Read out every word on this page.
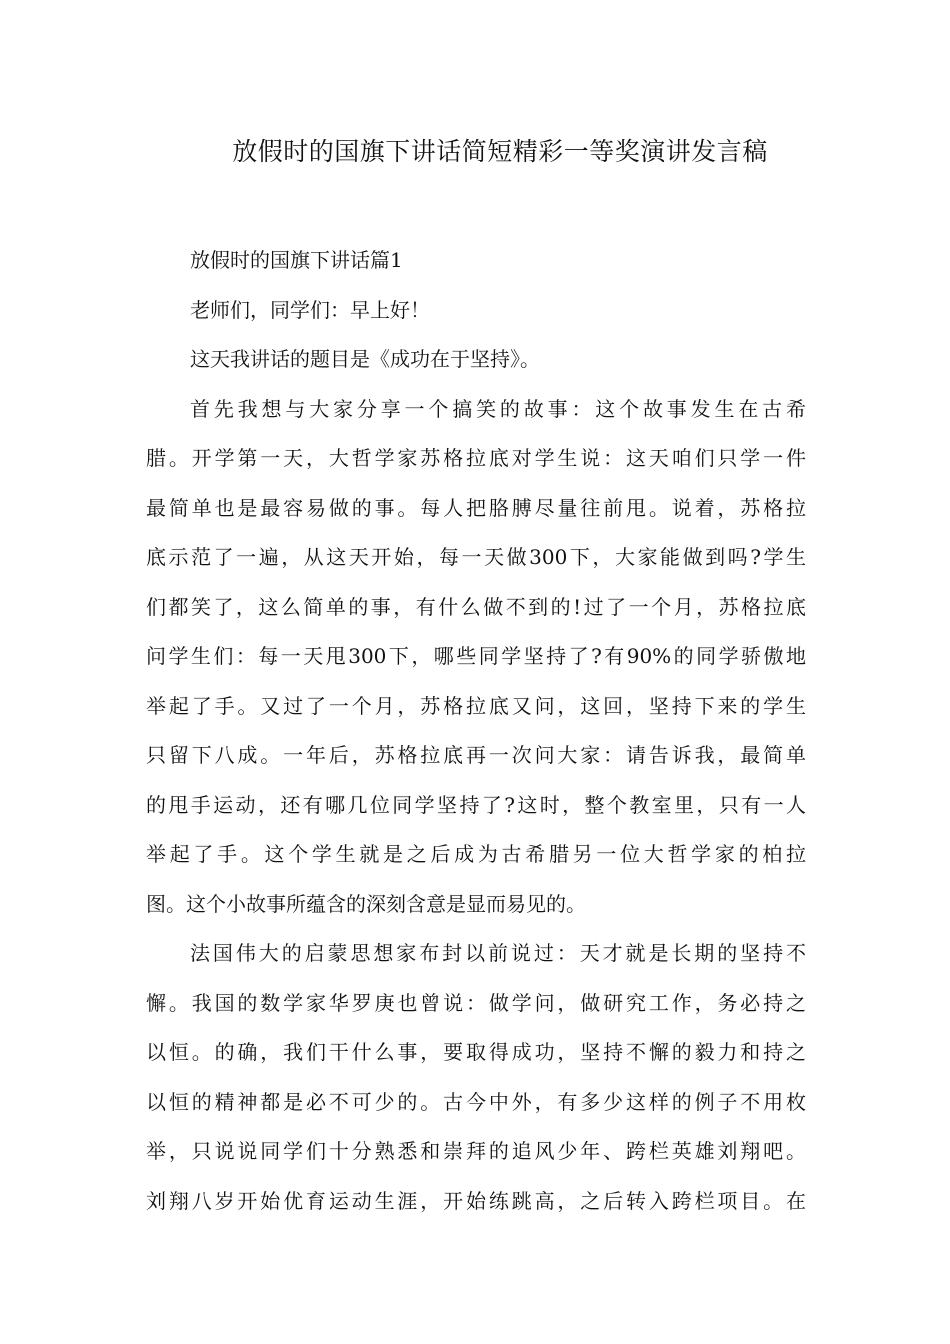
放假时的国旗下讲话简短精彩一等奖演讲发言稿
放假时的国旗下讲话篇1
老师们，同学们：早上好！
这天我讲话的题目是《成功在于坚持》。
首先我想与大家分享一个搞笑的故事：这个故事发生在古希
腊。开学第一天，大哲学家苏格拉底对学生说：这天咱们只学一件
最简单也是最容易做的事。每人把胳膊尽量往前甩。说着，苏格拉
底示范了一遍，从这天开始，每一天做300下，大家能做到吗?学生
们都笑了，这么简单的事，有什么做不到的!过了一个月，苏格拉底
问学生们：每一天甩300下，哪些同学坚持了?有90%的同学骄傲地
举起了手。又过了一个月，苏格拉底又问，这回，坚持下来的学生
只留下八成。一年后，苏格拉底再一次问大家：请告诉我，最简单
的甩手运动，还有哪几位同学坚持了?这时，整个教室里，只有一人
举起了手。这个学生就是之后成为古希腊另一位大哲学家的柏拉
图。这个小故事所蕴含的深刻含意是显而易见的。
法国伟大的启蒙思想家布封以前说过：天才就是长期的坚持不
懈。我国的数学家华罗庚也曾说：做学问，做研究工作，务必持之
以恒。的确，我们干什么事，要取得成功，坚持不懈的毅力和持之
以恒的精神都是必不可少的。古今中外，有多少这样的例子不用枚
举，只说说同学们十分熟悉和崇拜的追风少年、跨栏英雄刘翔吧。
刘翔八岁开始优育运动生涯，开始练跳高，之后转入跨栏项目。在
